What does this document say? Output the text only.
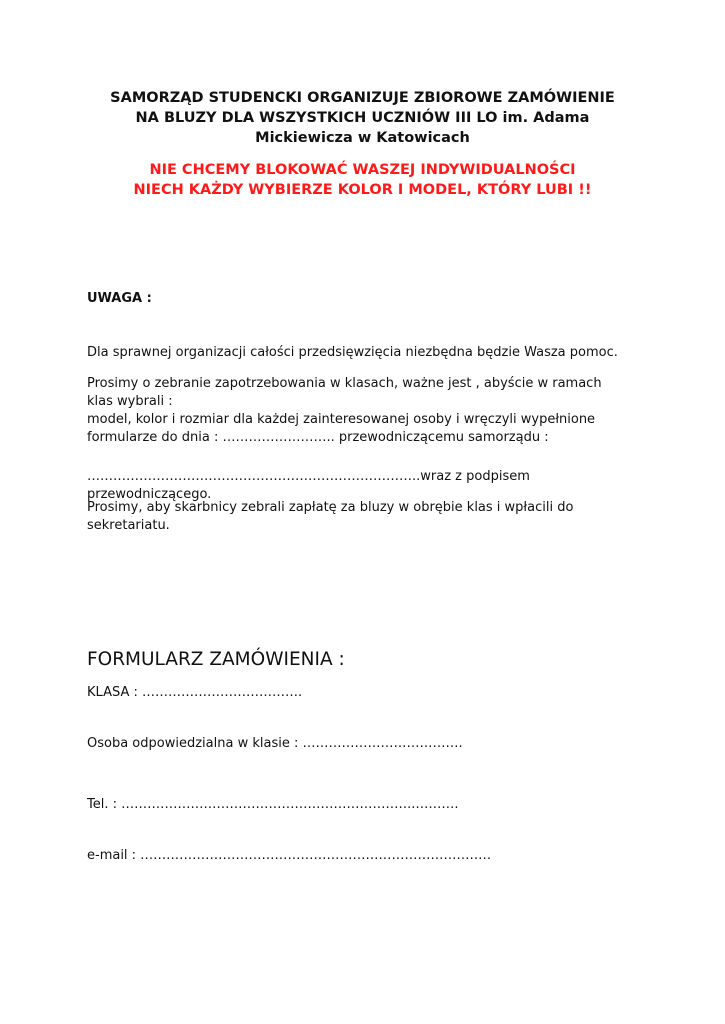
SAMORZĄD STUDENCKI ORGANIZUJE ZBIOROWE ZAMÓWIENIE
NA BLUZY DLA WSZYSTKICH UCZNIÓW III LO im. Adama
Mickiewicza w Katowicach
NIE CHCEMY BLOKOWAĆ WASZEJ INDYWIDUALNOŚCI
NIECH KAŻDY WYBIERZE KOLOR I MODEL, KTÓRY LUBI !!
UWAGA :
Dla sprawnej organizacji całości przedsięwzięcia niezbędna będzie Wasza pomoc.
Prosimy o zebranie zapotrzebowania w klasach, ważne jest , abyście w ramach
klas wybrali :
model, kolor i rozmiar dla każdej zainteresowanej osoby i wręczyli wypełnione
formularze do dnia : …………………….. przewodniczącemu samorządu :
…………………………………………………………………..wraz z podpisem przewodniczącego.
Prosimy, aby skarbnicy zebrali zapłatę za bluzy w obrębie klas i wpłacili do
sekretariatu.
FORMULARZ ZAMÓWIENIA :
KLASA : ……………………………….
Osoba odpowiedzialna w klasie : ……………………………….
Tel. : …………………………………………………………..……….
e-mail : ………………………………………………………………………
